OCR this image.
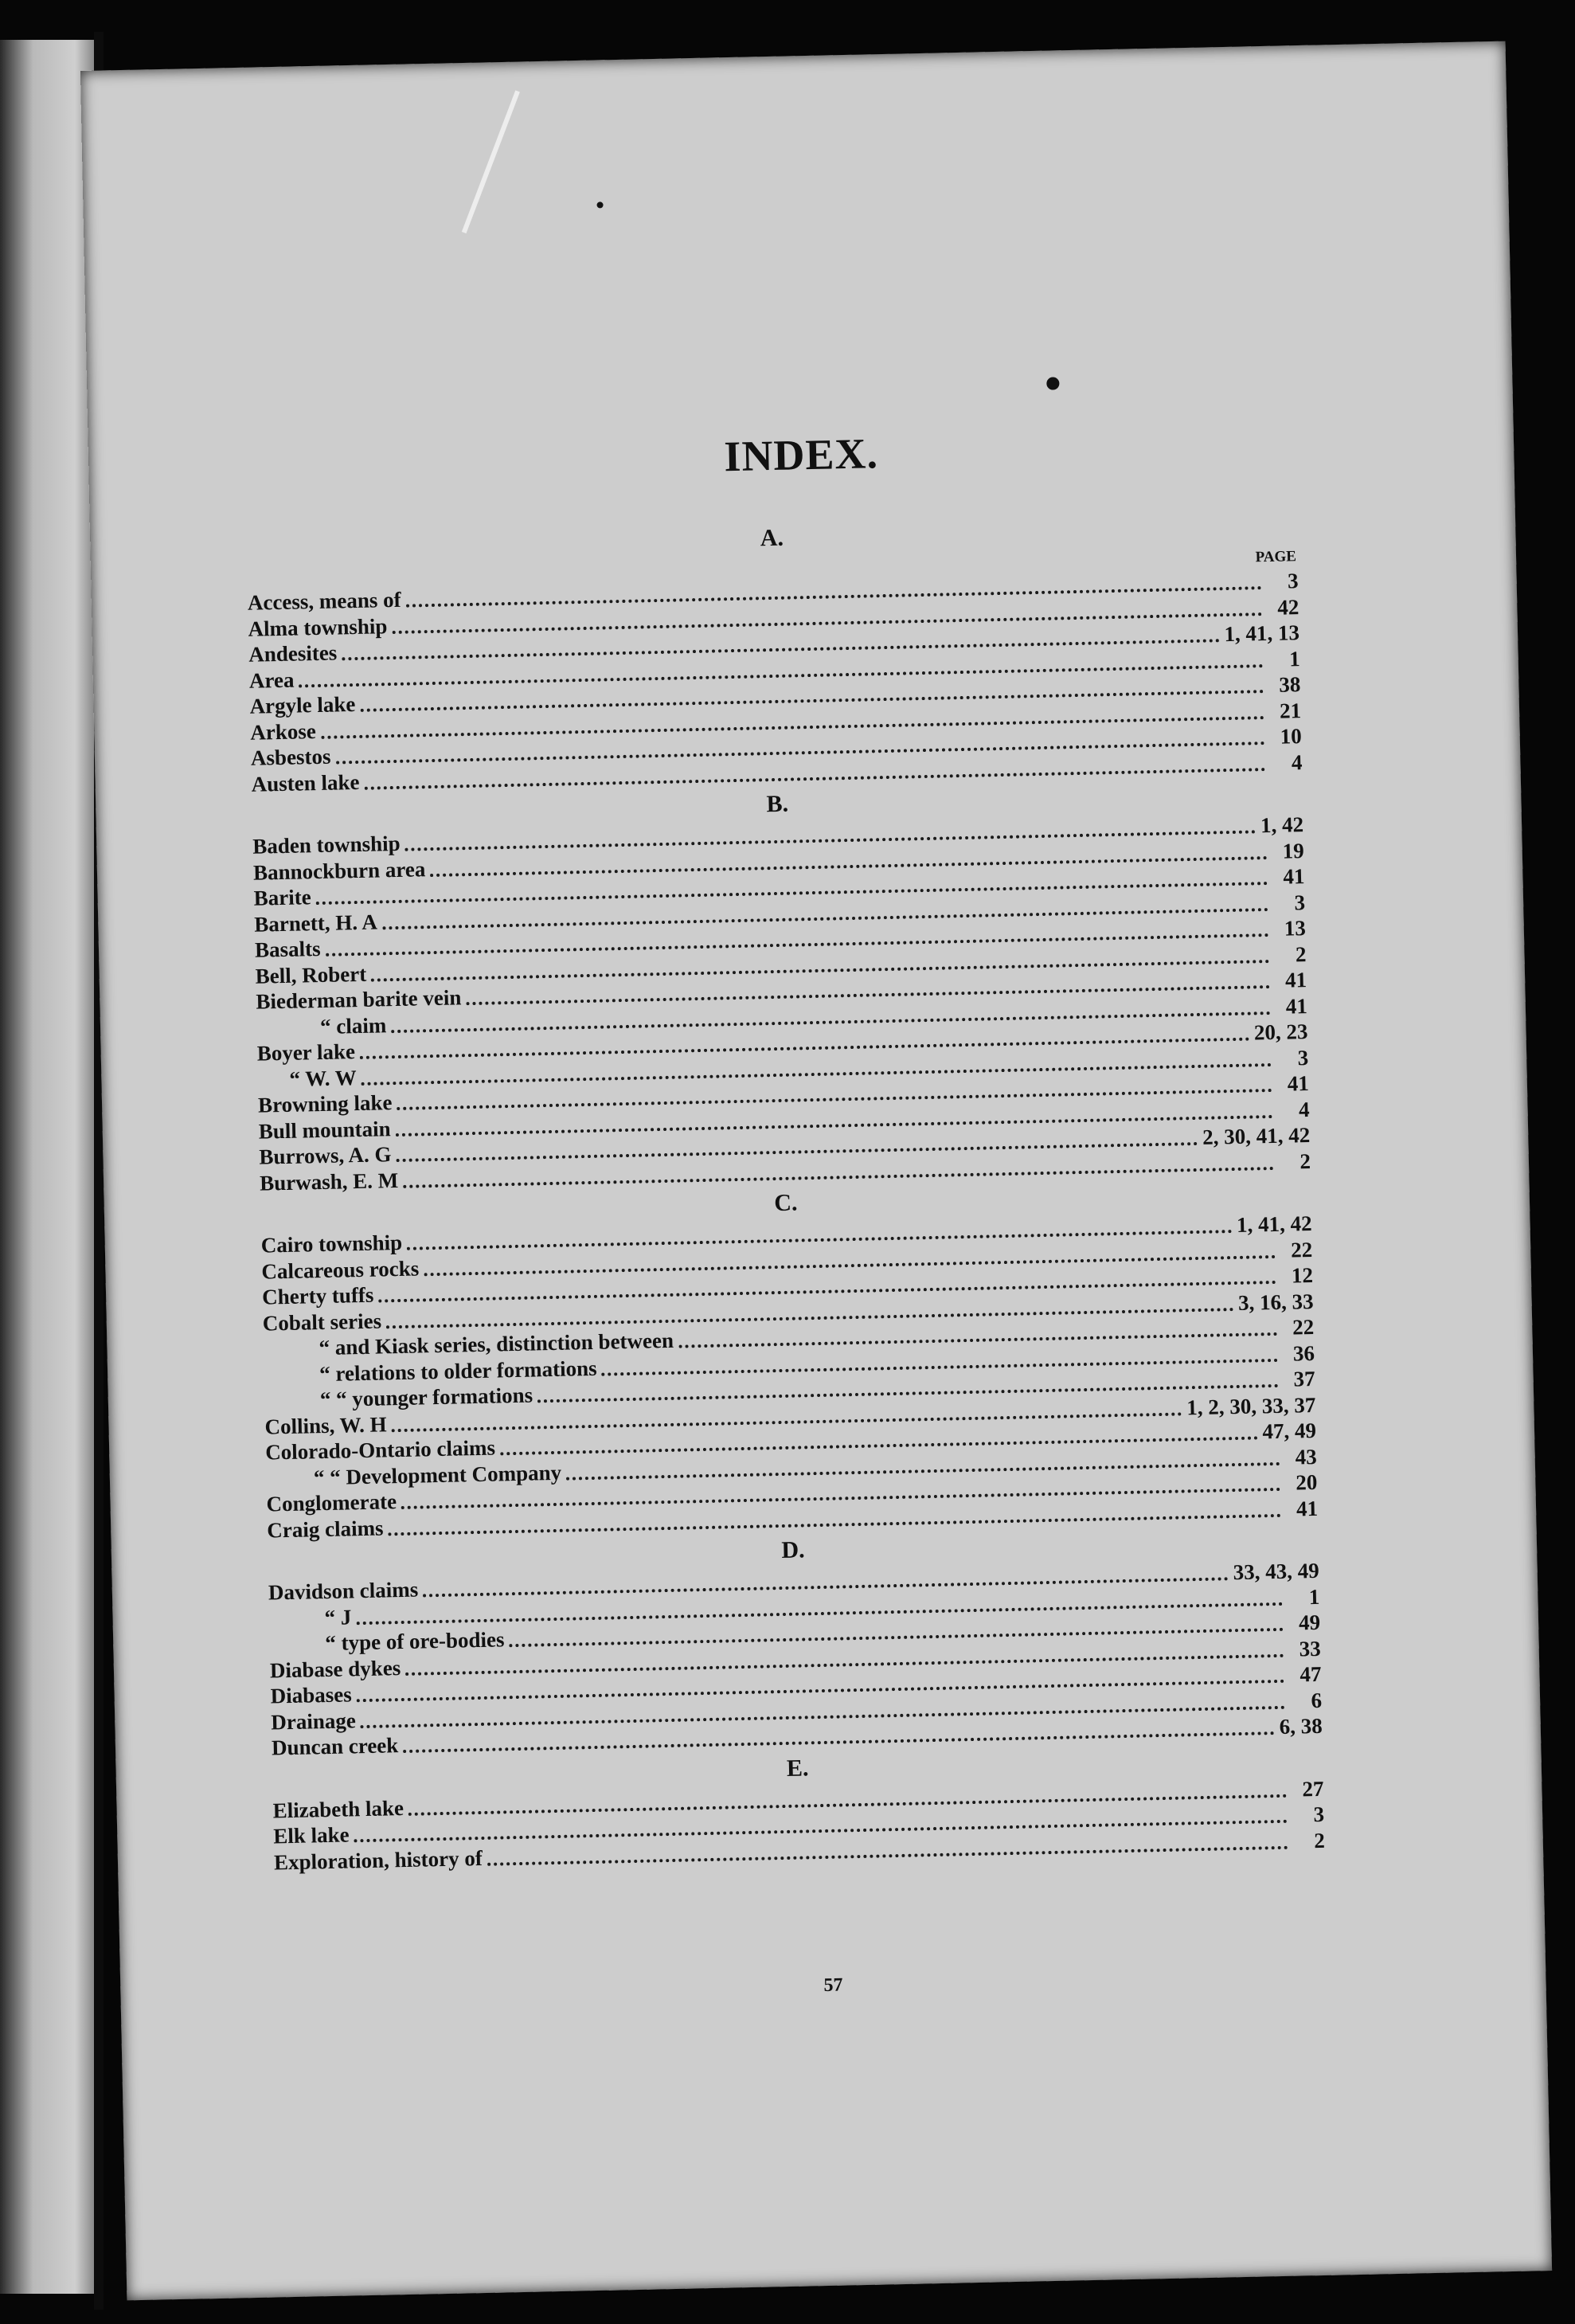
INDEX.
A.
PAGE
Access, means of
3
Alma township
42
Andesites
1, 41, 13
Area
1
Argyle lake
38
Arkose
21
Asbestos
10
Austen lake
4
B.
Baden township
1, 42
Bannockburn area
19
Barite
41
Barnett, H. A
3
Basalts
13
Bell, Robert
2
Biederman barite vein
41
“ claim
41
Boyer lake
20, 23
“ W. W
3
Browning lake
41
Bull mountain
4
Burrows, A. G
2, 30, 41, 42
Burwash, E. M
2
C.
Cairo township
1, 41, 42
Calcareous rocks
22
Cherty tuffs
12
Cobalt series
3, 16, 33
“ and Kiask series, distinction between
22
“ relations to older formations
36
“ “ younger formations
37
Collins, W. H
1, 2, 30, 33, 37
Colorado-Ontario claims
47, 49
“ “ Development Company
43
Conglomerate
20
Craig claims
41
D.
Davidson claims
33, 43, 49
“ J
1
“ type of ore-bodies
49
Diabase dykes
33
Diabases
47
Drainage
6
Duncan creek
6, 38
E.
Elizabeth lake
27
Elk lake
3
Exploration, history of
2
57
